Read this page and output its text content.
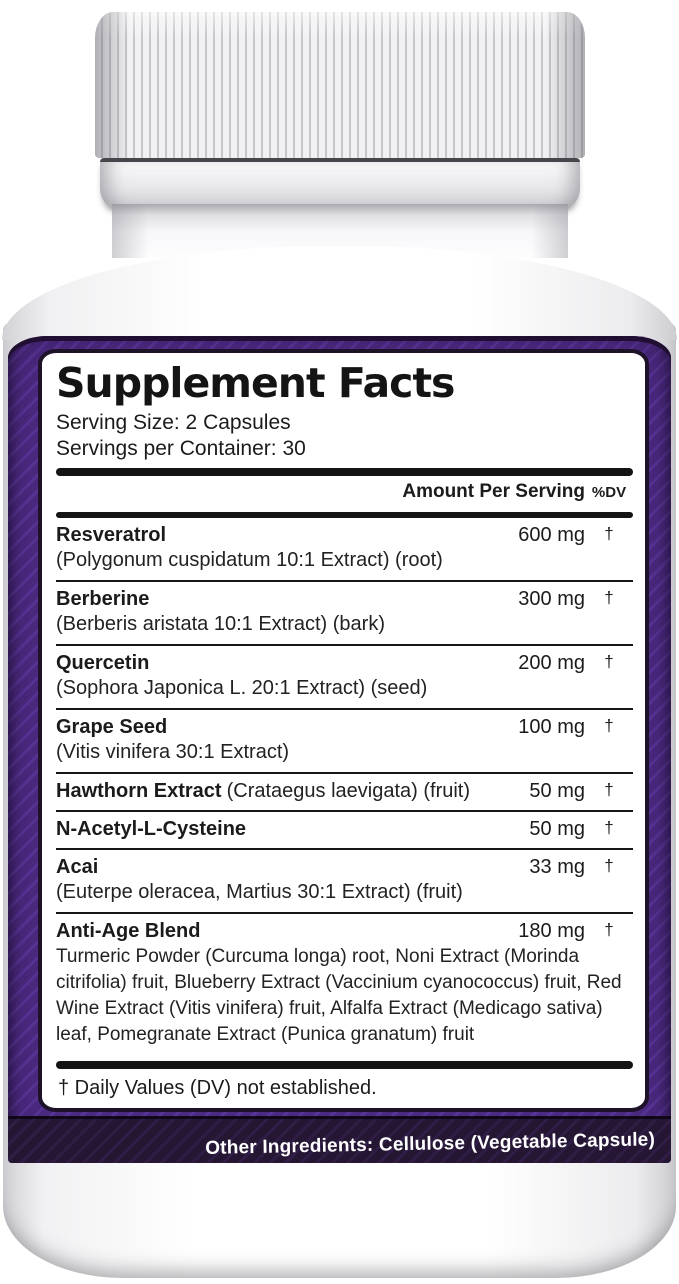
Supplement Facts
Serving Size: 2 Capsules
Servings per Container: 30
Amount Per Serving %DV
Resveratrol	600 mg	†
(Polygonum cuspidatum 10:1 Extract) (root)
Berberine	300 mg	†
(Berberis aristata 10:1 Extract) (bark)
Quercetin	200 mg	†
(Sophora Japonica L. 20:1 Extract) (seed)
Grape Seed	100 mg	†
(Vitis vinifera 30:1 Extract)
Hawthorn Extract (Crataegus laevigata) (fruit)	50 mg	†
N-Acetyl-L-Cysteine	50 mg	†
Acai	33 mg	†
(Euterpe oleracea, Martius 30:1 Extract) (fruit)
Anti-Age Blend	180 mg	†
Turmeric Powder (Curcuma longa) root, Noni Extract (Morinda citrifolia) fruit, Blueberry Extract (Vaccinium cyanococcus) fruit, Red Wine Extract (Vitis vinifera) fruit, Alfalfa Extract (Medicago sativa) leaf, Pomegranate Extract (Punica granatum) fruit
† Daily Values (DV) not established.
Other Ingredients: Cellulose (Vegetable Capsule)
